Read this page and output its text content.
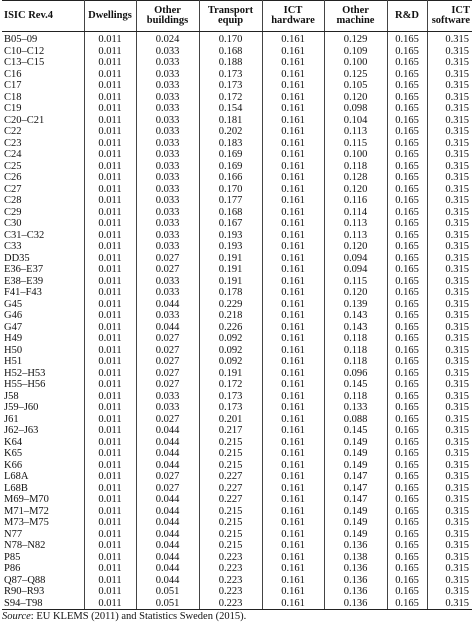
ISIC Rev.4	Dwellings	Other buildings	Transport equip	ICT hardware	Other machine	R&D	ICT software
B05–09	0.011	0.024	0.170	0.161	0.129	0.165	0.315
C10–C12	0.011	0.033	0.168	0.161	0.109	0.165	0.315
C13–C15	0.011	0.033	0.188	0.161	0.100	0.165	0.315
C16	0.011	0.033	0.173	0.161	0.125	0.165	0.315
C17	0.011	0.033	0.173	0.161	0.105	0.165	0.315
C18	0.011	0.033	0.172	0.161	0.120	0.165	0.315
C19	0.011	0.033	0.154	0.161	0.098	0.165	0.315
C20–C21	0.011	0.033	0.181	0.161	0.104	0.165	0.315
C22	0.011	0.033	0.202	0.161	0.113	0.165	0.315
C23	0.011	0.033	0.183	0.161	0.115	0.165	0.315
C24	0.011	0.033	0.169	0.161	0.100	0.165	0.315
C25	0.011	0.033	0.169	0.161	0.118	0.165	0.315
C26	0.011	0.033	0.166	0.161	0.128	0.165	0.315
C27	0.011	0.033	0.170	0.161	0.120	0.165	0.315
C28	0.011	0.033	0.177	0.161	0.116	0.165	0.315
C29	0.011	0.033	0.168	0.161	0.114	0.165	0.315
C30	0.011	0.033	0.167	0.161	0.113	0.165	0.315
C31–C32	0.011	0.033	0.193	0.161	0.113	0.165	0.315
C33	0.011	0.033	0.193	0.161	0.120	0.165	0.315
DD35	0.011	0.027	0.191	0.161	0.094	0.165	0.315
E36–E37	0.011	0.027	0.191	0.161	0.094	0.165	0.315
E38–E39	0.011	0.033	0.191	0.161	0.115	0.165	0.315
F41–F43	0.011	0.033	0.178	0.161	0.120	0.165	0.315
G45	0.011	0.044	0.229	0.161	0.139	0.165	0.315
G46	0.011	0.033	0.218	0.161	0.143	0.165	0.315
G47	0.011	0.044	0.226	0.161	0.143	0.165	0.315
H49	0.011	0.027	0.092	0.161	0.118	0.165	0.315
H50	0.011	0.027	0.092	0.161	0.118	0.165	0.315
H51	0.011	0.027	0.092	0.161	0.118	0.165	0.315
H52–H53	0.011	0.027	0.191	0.161	0.096	0.165	0.315
H55–H56	0.011	0.027	0.172	0.161	0.145	0.165	0.315
J58	0.011	0.033	0.173	0.161	0.118	0.165	0.315
J59–J60	0.011	0.033	0.173	0.161	0.133	0.165	0.315
J61	0.011	0.027	0.201	0.161	0.088	0.165	0.315
J62–J63	0.011	0.044	0.217	0.161	0.145	0.165	0.315
K64	0.011	0.044	0.215	0.161	0.149	0.165	0.315
K65	0.011	0.044	0.215	0.161	0.149	0.165	0.315
K66	0.011	0.044	0.215	0.161	0.149	0.165	0.315
L68A	0.011	0.027	0.227	0.161	0.147	0.165	0.315
L68B	0.011	0.027	0.227	0.161	0.147	0.165	0.315
M69–M70	0.011	0.044	0.227	0.161	0.147	0.165	0.315
M71–M72	0.011	0.044	0.215	0.161	0.149	0.165	0.315
M73–M75	0.011	0.044	0.215	0.161	0.149	0.165	0.315
N77	0.011	0.044	0.215	0.161	0.149	0.165	0.315
N78–N82	0.011	0.044	0.215	0.161	0.136	0.165	0.315
P85	0.011	0.044	0.223	0.161	0.138	0.165	0.315
P86	0.011	0.044	0.223	0.161	0.136	0.165	0.315
Q87–Q88	0.011	0.044	0.223	0.161	0.136	0.165	0.315
R90–R93	0.011	0.051	0.223	0.161	0.136	0.165	0.315
S94–T98	0.011	0.051	0.223	0.161	0.136	0.165	0.315
Source: EU KLEMS (2011) and Statistics Sweden (2015).
